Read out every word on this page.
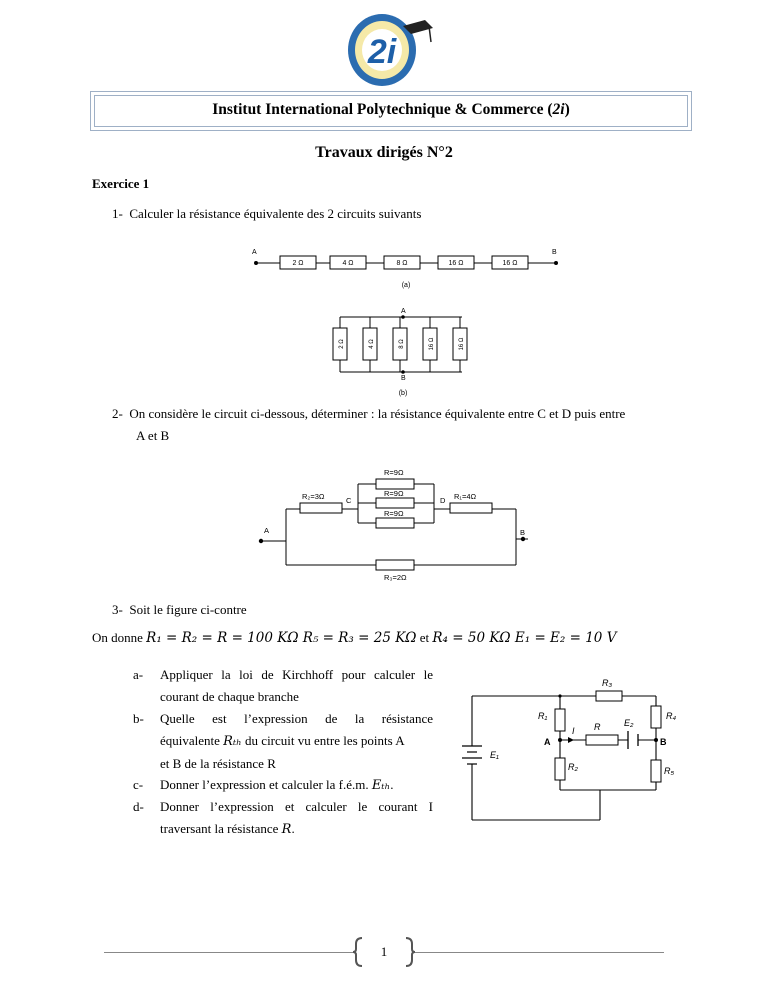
2i
Institut International Polytechnique & Commerce (2i)
Travaux dirigés N°2
Exercice 1
1- Calculer la résistance équivalente des 2 circuits suivants
A	B
2 Ω	4 Ω	8 Ω	16 Ω	16 Ω
(a)
A
B
2 Ω	4 Ω	8 Ω	16 Ω	16 Ω
(b)
2- On considère le circuit ci-dessous, déterminer : la résistance équivalente entre C et D puis entre
A et B
R=9Ω
R=9Ω
R=9Ω
R₂=3Ω	C	D R₁=4Ω
A	B
R₃=2Ω
3- Soit le figure ci-contre
On donne R₁ = R₂ = R = 100 KΩ R₅ = R₃ = 25 KΩ et R₄ = 50 KΩ E₁ = E₂ = 10 V
a- Appliquer la loi de Kirchhoff pour calculer le
courant de chaque branche
b- Quelle est l’expression de la résistance
équivalente Rₜₕ du circuit vu entre les points A
et B de la résistance R
c- Donner l’expression et calculer la f.é.m. Eₜₕ.
d- Donner l’expression et calculer le courant I
traversant la résistance R.
R₃
R₁	R₄
R
I
E₂
A	B
E₁
R₂	R₅
1
